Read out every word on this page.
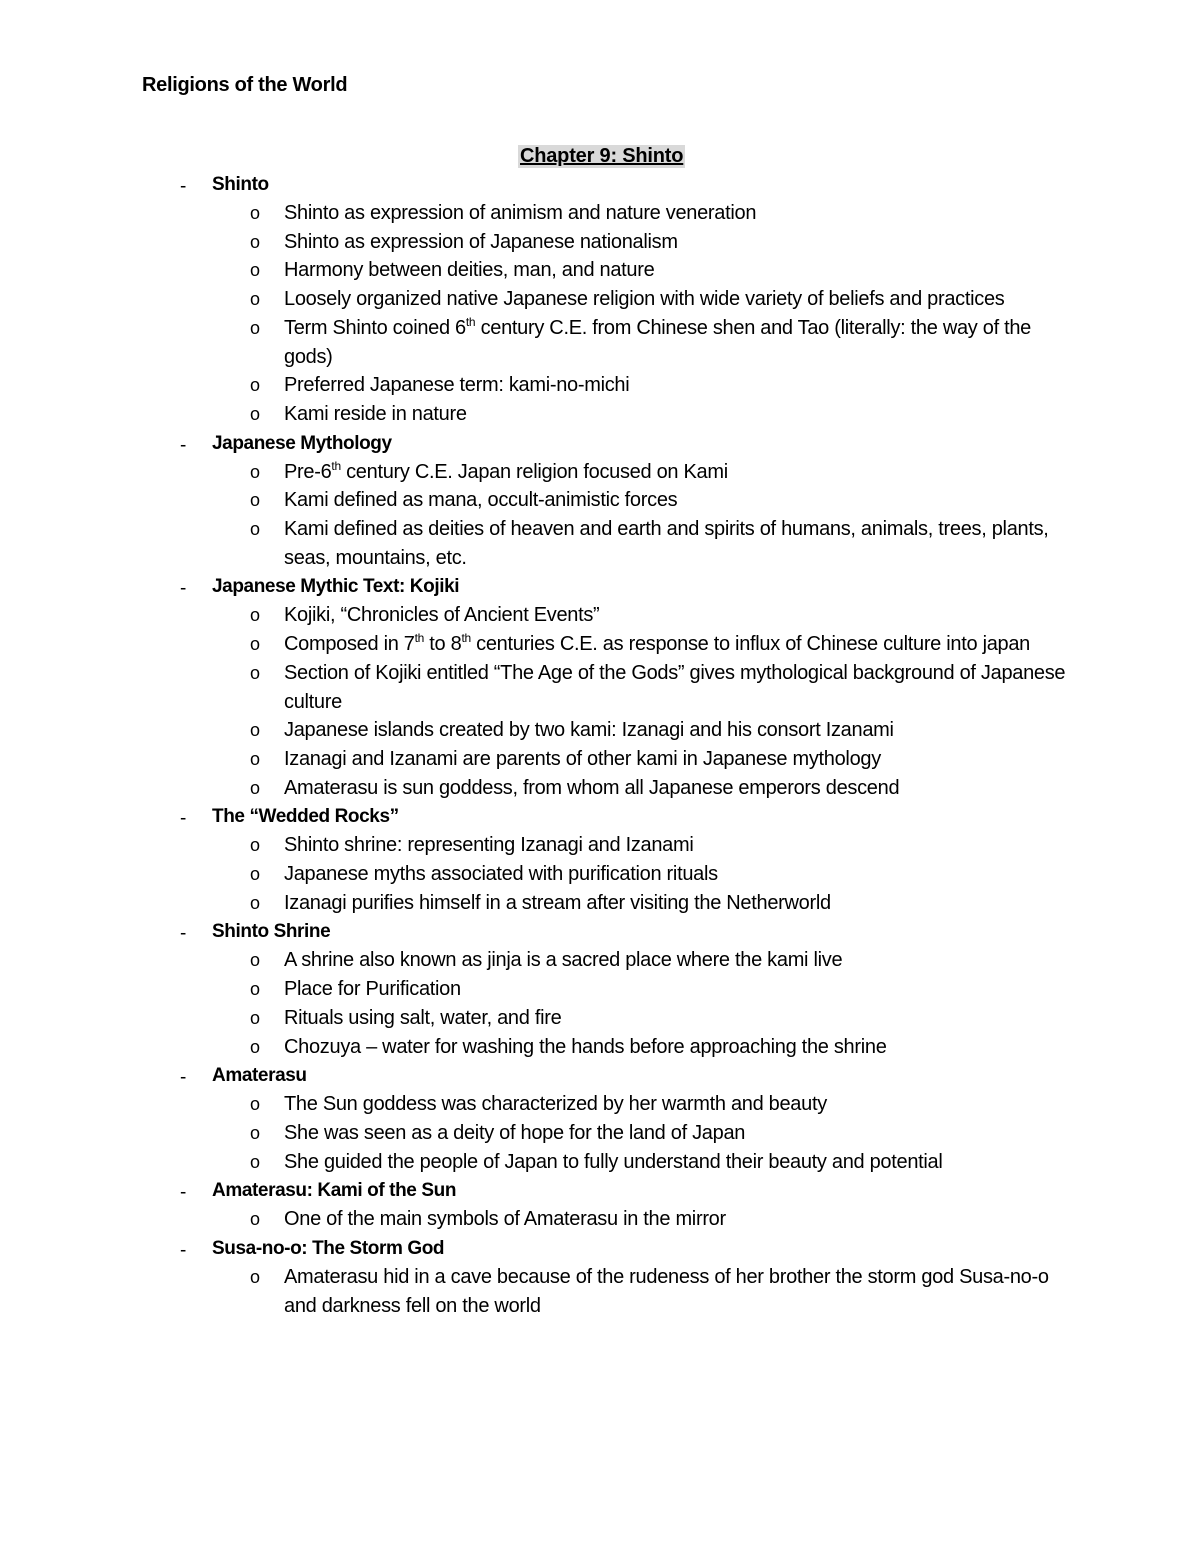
Religions of the World
Chapter 9: Shinto
- Shinto
o Shinto as expression of animism and nature veneration
o Shinto as expression of Japanese nationalism
o Harmony between deities, man, and nature
o Loosely organized native Japanese religion with wide variety of beliefs and practices
o Term Shinto coined 6th century C.E. from Chinese shen and Tao (literally: the way of the gods)
o Preferred Japanese term: kami-no-michi
o Kami reside in nature
- Japanese Mythology
o Pre-6th century C.E. Japan religion focused on Kami
o Kami defined as mana, occult-animistic forces
o Kami defined as deities of heaven and earth and spirits of humans, animals, trees, plants, seas, mountains, etc.
- Japanese Mythic Text: Kojiki
o Kojiki, “Chronicles of Ancient Events”
o Composed in 7th to 8th centuries C.E. as response to influx of Chinese culture into japan
o Section of Kojiki entitled “The Age of the Gods” gives mythological background of Japanese culture
o Japanese islands created by two kami: Izanagi and his consort Izanami
o Izanagi and Izanami are parents of other kami in Japanese mythology
o Amaterasu is sun goddess, from whom all Japanese emperors descend
- The “Wedded Rocks”
o Shinto shrine: representing Izanagi and Izanami
o Japanese myths associated with purification rituals
o Izanagi purifies himself in a stream after visiting the Netherworld
- Shinto Shrine
o A shrine also known as jinja is a sacred place where the kami live
o Place for Purification
o Rituals using salt, water, and fire
o Chozuya – water for washing the hands before approaching the shrine
- Amaterasu
o The Sun goddess was characterized by her warmth and beauty
o She was seen as a deity of hope for the land of Japan
o She guided the people of Japan to fully understand their beauty and potential
- Amaterasu: Kami of the Sun
o One of the main symbols of Amaterasu in the mirror
- Susa-no-o: The Storm God
o Amaterasu hid in a cave because of the rudeness of her brother the storm god Susa-no-o and darkness fell on the world
